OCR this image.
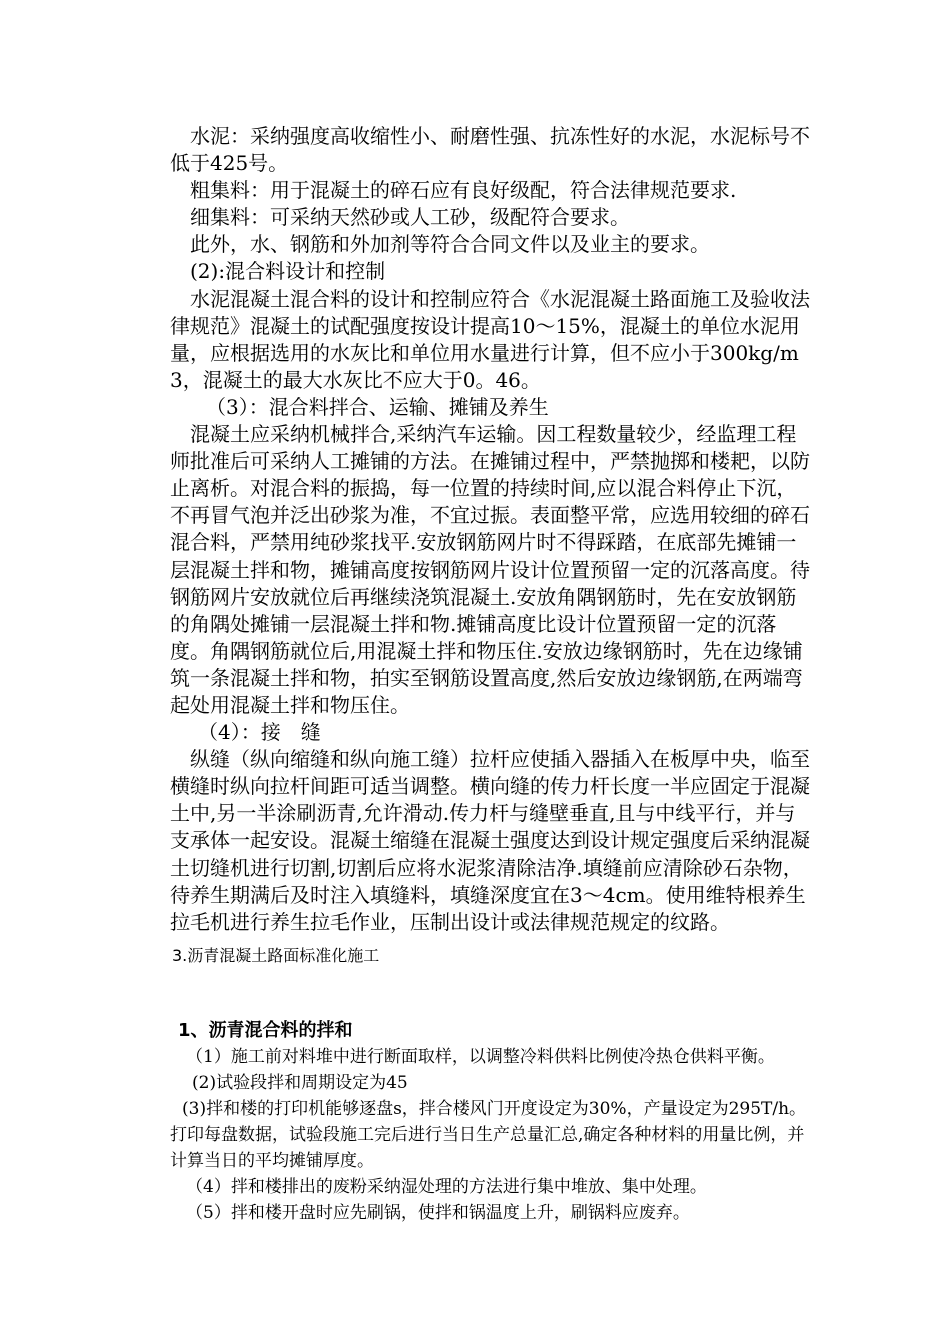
水泥：采纳强度高收缩性小、耐磨性强、抗冻性好的水泥，水泥标号不低于425号。

粗集料：用于混凝土的碎石应有良好级配，符合法律规范要求.

细集料：可采纳天然砂或人工砂，级配符合要求。

此外，水、钢筋和外加剂等符合合同文件以及业主的要求。

(2):混合料设计和控制

水泥混凝土混合料的设计和控制应符合《水泥混凝土路面施工及验收法律规范》混凝土的试配强度按设计提高10～15%，混凝土的单位水泥用量，应根据选用的水灰比和单位用水量进行计算，但不应小于300kg/m3，混凝土的最大水灰比不应大于0。46。

（3）：混合料拌合、运输、摊铺及养生

混凝土应采纳机械拌合,采纳汽车运输。因工程数量较少，经监理工程师批准后可采纳人工摊铺的方法。在摊铺过程中，严禁抛掷和楼耙，以防止离析。对混合料的振捣，每一位置的持续时间,应以混合料停止下沉，不再冒气泡并泛出砂浆为准，不宜过振。表面整平常，应选用较细的碎石混合料，严禁用纯砂浆找平.安放钢筋网片时不得踩踏，在底部先摊铺一层混凝土拌和物，摊铺高度按钢筋网片设计位置预留一定的沉落高度。待钢筋网片安放就位后再继续浇筑混凝土.安放角隅钢筋时，先在安放钢筋的角隅处摊铺一层混凝土拌和物.摊铺高度比设计位置预留一定的沉落度。角隅钢筋就位后,用混凝土拌和物压住.安放边缘钢筋时，先在边缘铺筑一条混凝土拌和物，拍实至钢筋设置高度,然后安放边缘钢筋,在两端弯起处用混凝土拌和物压住。

（4）：接　缝

纵缝（纵向缩缝和纵向施工缝）拉杆应使插入器插入在板厚中央，临至横缝时纵向拉杆间距可适当调整。横向缝的传力杆长度一半应固定于混凝土中,另一半涂刷沥青,允许滑动.传力杆与缝壁垂直,且与中线平行，并与支承体一起安设。混凝土缩缝在混凝土强度达到设计规定强度后采纳混凝土切缝机进行切割,切割后应将水泥浆清除洁净.填缝前应清除砂石杂物，待养生期满后及时注入填缝料，填缝深度宜在3～4cm。使用维特根养生拉毛机进行养生拉毛作业，压制出设计或法律规范规定的纹路。

3.沥青混凝土路面标准化施工

1、沥青混合料的拌和

（1）施工前对料堆中进行断面取样，以调整冷料供料比例使冷热仓供料平衡。

(2)试验段拌和周期设定为45

(3)拌和楼的打印机能够逐盘s，拌合楼风门开度设定为30%，产量设定为295T/h。打印每盘数据，试验段施工完后进行当日生产总量汇总,确定各种材料的用量比例，并计算当日的平均摊铺厚度。

（4）拌和楼排出的废粉采纳湿处理的方法进行集中堆放、集中处理。

（5）拌和楼开盘时应先刷锅，使拌和锅温度上升，刷锅料应废弃。
